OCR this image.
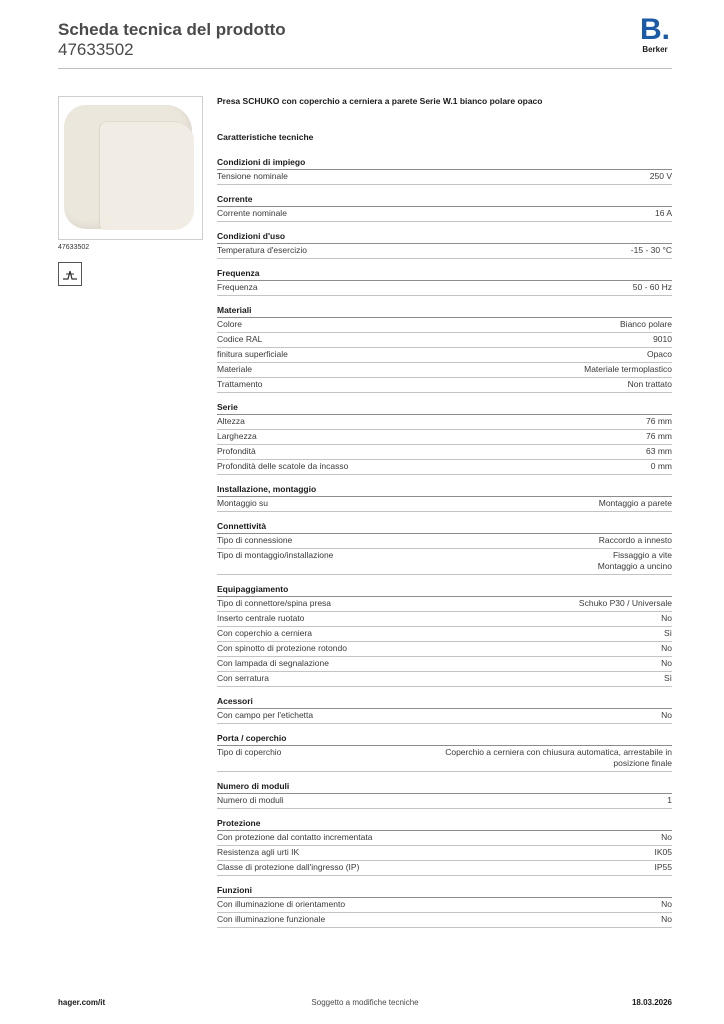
Scheda tecnica del prodotto
47633502
B.
Berker
47633502
Presa SCHUKO con coperchio a cerniera a parete Serie W.1 bianco polare opaco
Caratteristiche tecniche
Condizioni di impiego
Tensione nominale	250 V
Corrente
Corrente nominale	16 A
Condizioni d'uso
Temperatura d'esercizio	-15 - 30 °C
Frequenza
Frequenza	50 - 60 Hz
Materiali
Colore	Bianco polare
Codice RAL	9010
finitura superficiale	Opaco
Materiale	Materiale termoplastico
Trattamento	Non trattato
Serie
Altezza	76 mm
Larghezza	76 mm
Profondità	63 mm
Profondità delle scatole da incasso	0 mm
Installazione, montaggio
Montaggio su	Montaggio a parete
Connettività
Tipo di connessione	Raccordo a innesto
Tipo di montaggio/installazione	Fissaggio a vite
Montaggio a uncino
Equipaggiamento
Tipo di connettore/spina presa	Schuko P30 / Universale
Inserto centrale ruotato	No
Con coperchio a cerniera	Sì
Con spinotto di protezione rotondo	No
Con lampada di segnalazione	No
Con serratura	Sì
Acessori
Con campo per l'etichetta	No
Porta / coperchio
Tipo di coperchio	Coperchio a cerniera con chiusura automatica, arrestabile in posizione finale
Numero di moduli
Numero di moduli	1
Protezione
Con protezione dal contatto incrementata	No
Resistenza agli urti IK	IK05
Classe di protezione dall'ingresso (IP)	IP55
Funzioni
Con illuminazione di orientamento	No
Con illuminazione funzionale	No
hager.com/it	Soggetto a modifiche tecniche	18.03.2026
